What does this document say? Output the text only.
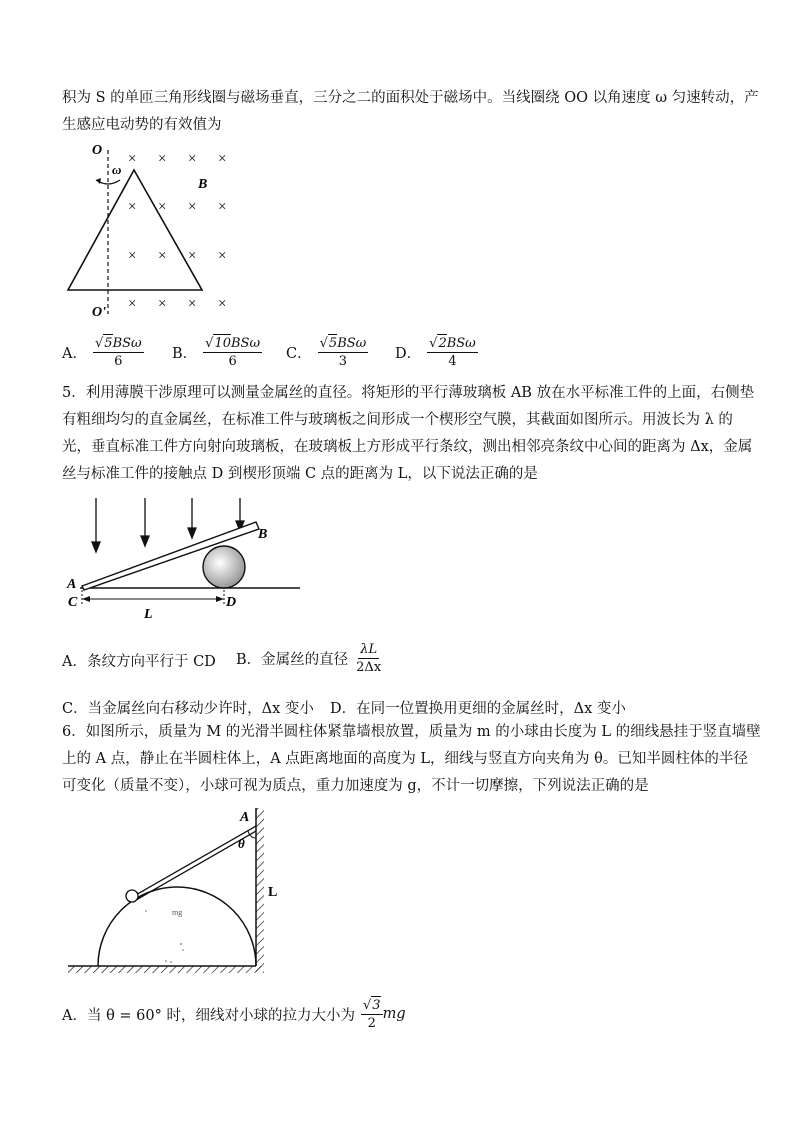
积为 S 的单匝三角形线圈与磁场垂直，三分之二的面积处于磁场中。当线圈绕 OO 以角速度 ω 匀速转动，产
生感应电动势的有效值为
× × × ×
× × × ×
× × × ×
× × × ×
ω
O
O'
B
A． $\frac{\text{√5BSω}}{6}$ B． $\frac{\text{√10BSω}}{6}$ C． $\frac{\text{√5BSω}}{3}$ D． $\frac{\text{√2BSω}}{4}$
5．利用薄膜干涉原理可以测量金属丝的直径。将矩形的平行薄玻璃板 AB 放在水平标准工件的上面，右侧垫
有粗细均匀的直金属丝，在标准工件与玻璃板之间形成一个楔形空气膜，其截面如图所示。用波长为 λ 的
光，垂直标准工件方向射向玻璃板，在玻璃板上方形成平行条纹，测出相邻亮条纹中心间的距离为 Δx，金属
丝与标准工件的接触点 D 到楔形顶端 C 点的距离为 L，以下说法正确的是
A
B
C	D
L
A．条纹方向平行于 CD B．金属丝的直径 $\frac{\lambda L}{2\Delta x}$
C．当金属丝向右移动少许时，Δx 变小 D．在同一位置换用更细的金属丝时，Δx 变小
6．如图所示，质量为 M 的光滑半圆柱体紧靠墙根放置，质量为 m 的小球由长度为 L 的细线悬挂于竖直墙壁
上的 A 点，静止在半圆柱体上，A 点距离地面的高度为 L，细线与竖直方向夹角为 θ。已知半圆柱体的半径
可变化（质量不变），小球可视为质点，重力加速度为 g，不计一切摩擦，下列说法正确的是
A
θ
L
mg
A．当 θ = 60° 时，细线对小球的拉力大小为 $\frac{√3}{2}$ mg
